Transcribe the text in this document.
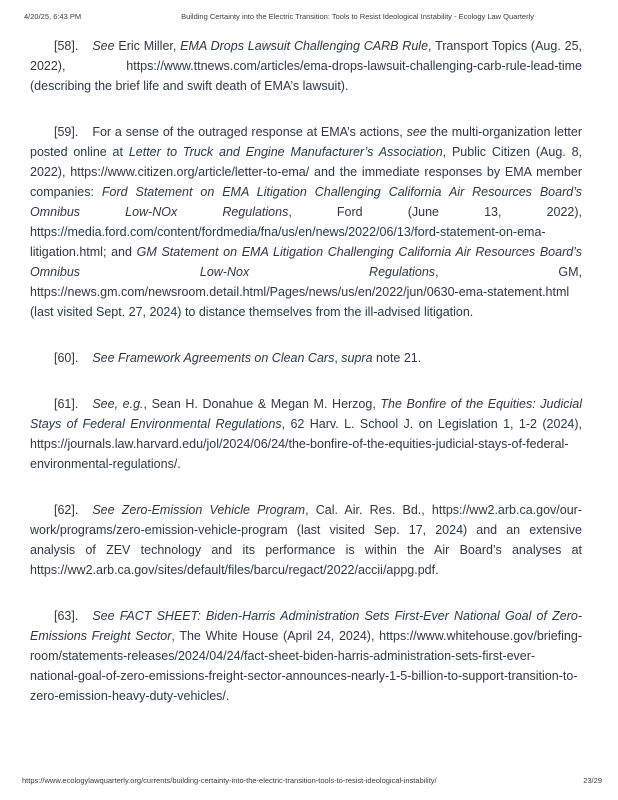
4/20/25, 6:43 PM	Building Certainty into the Electric Transition: Tools to Resist Ideological Instability - Ecology Law Quarterly

[58]. See Eric Miller, EMA Drops Lawsuit Challenging CARB Rule, Transport Topics (Aug. 25, 2022), https://www.ttnews.com/articles/ema-drops-lawsuit-challenging-carb-rule-lead-time (describing the brief life and swift death of EMA’s lawsuit).

[59]. For a sense of the outraged response at EMA’s actions, see the multi-organization letter posted online at Letter to Truck and Engine Manufacturer’s Association, Public Citizen (Aug. 8, 2022), https://www.citizen.org/article/letter-to-ema/ and the immediate responses by EMA member companies: Ford Statement on EMA Litigation Challenging California Air Resources Board’s Omnibus Low-NOx Regulations, Ford (June 13, 2022), https://media.ford.com/content/fordmedia/fna/us/en/news/2022/06/13/ford-statement-on-ema-litigation.html; and GM Statement on EMA Litigation Challenging California Air Resources Board’s Omnibus Low-Nox Regulations, GM, https://news.gm.com/newsroom.detail.html/Pages/news/us/en/2022/jun/0630-ema-statement.html (last visited Sept. 27, 2024) to distance themselves from the ill-advised litigation.

[60]. See Framework Agreements on Clean Cars, supra note 21.

[61]. See, e.g., Sean H. Donahue & Megan M. Herzog, The Bonfire of the Equities: Judicial Stays of Federal Environmental Regulations, 62 Harv. L. School J. on Legislation 1, 1-2 (2024), https://journals.law.harvard.edu/jol/2024/06/24/the-bonfire-of-the-equities-judicial-stays-of-federal-environmental-regulations/.

[62]. See Zero-Emission Vehicle Program, Cal. Air. Res. Bd., https://ww2.arb.ca.gov/our-work/programs/zero-emission-vehicle-program (last visited Sep. 17, 2024) and an extensive analysis of ZEV technology and its performance is within the Air Board’s analyses at https://ww2.arb.ca.gov/sites/default/files/barcu/regact/2022/accii/appg.pdf.

[63]. See FACT SHEET: Biden-Harris Administration Sets First-Ever National Goal of Zero-Emissions Freight Sector, The White House (April 24, 2024), https://www.whitehouse.gov/briefing-room/statements-releases/2024/04/24/fact-sheet-biden-harris-administration-sets-first-ever-national-goal-of-zero-emissions-freight-sector-announces-nearly-1-5-billion-to-support-transition-to-zero-emission-heavy-duty-vehicles/.

https://www.ecologylawquarterly.org/currents/building-certainty-into-the-electric-transition-tools-to-resist-ideological-instability/	23/29
